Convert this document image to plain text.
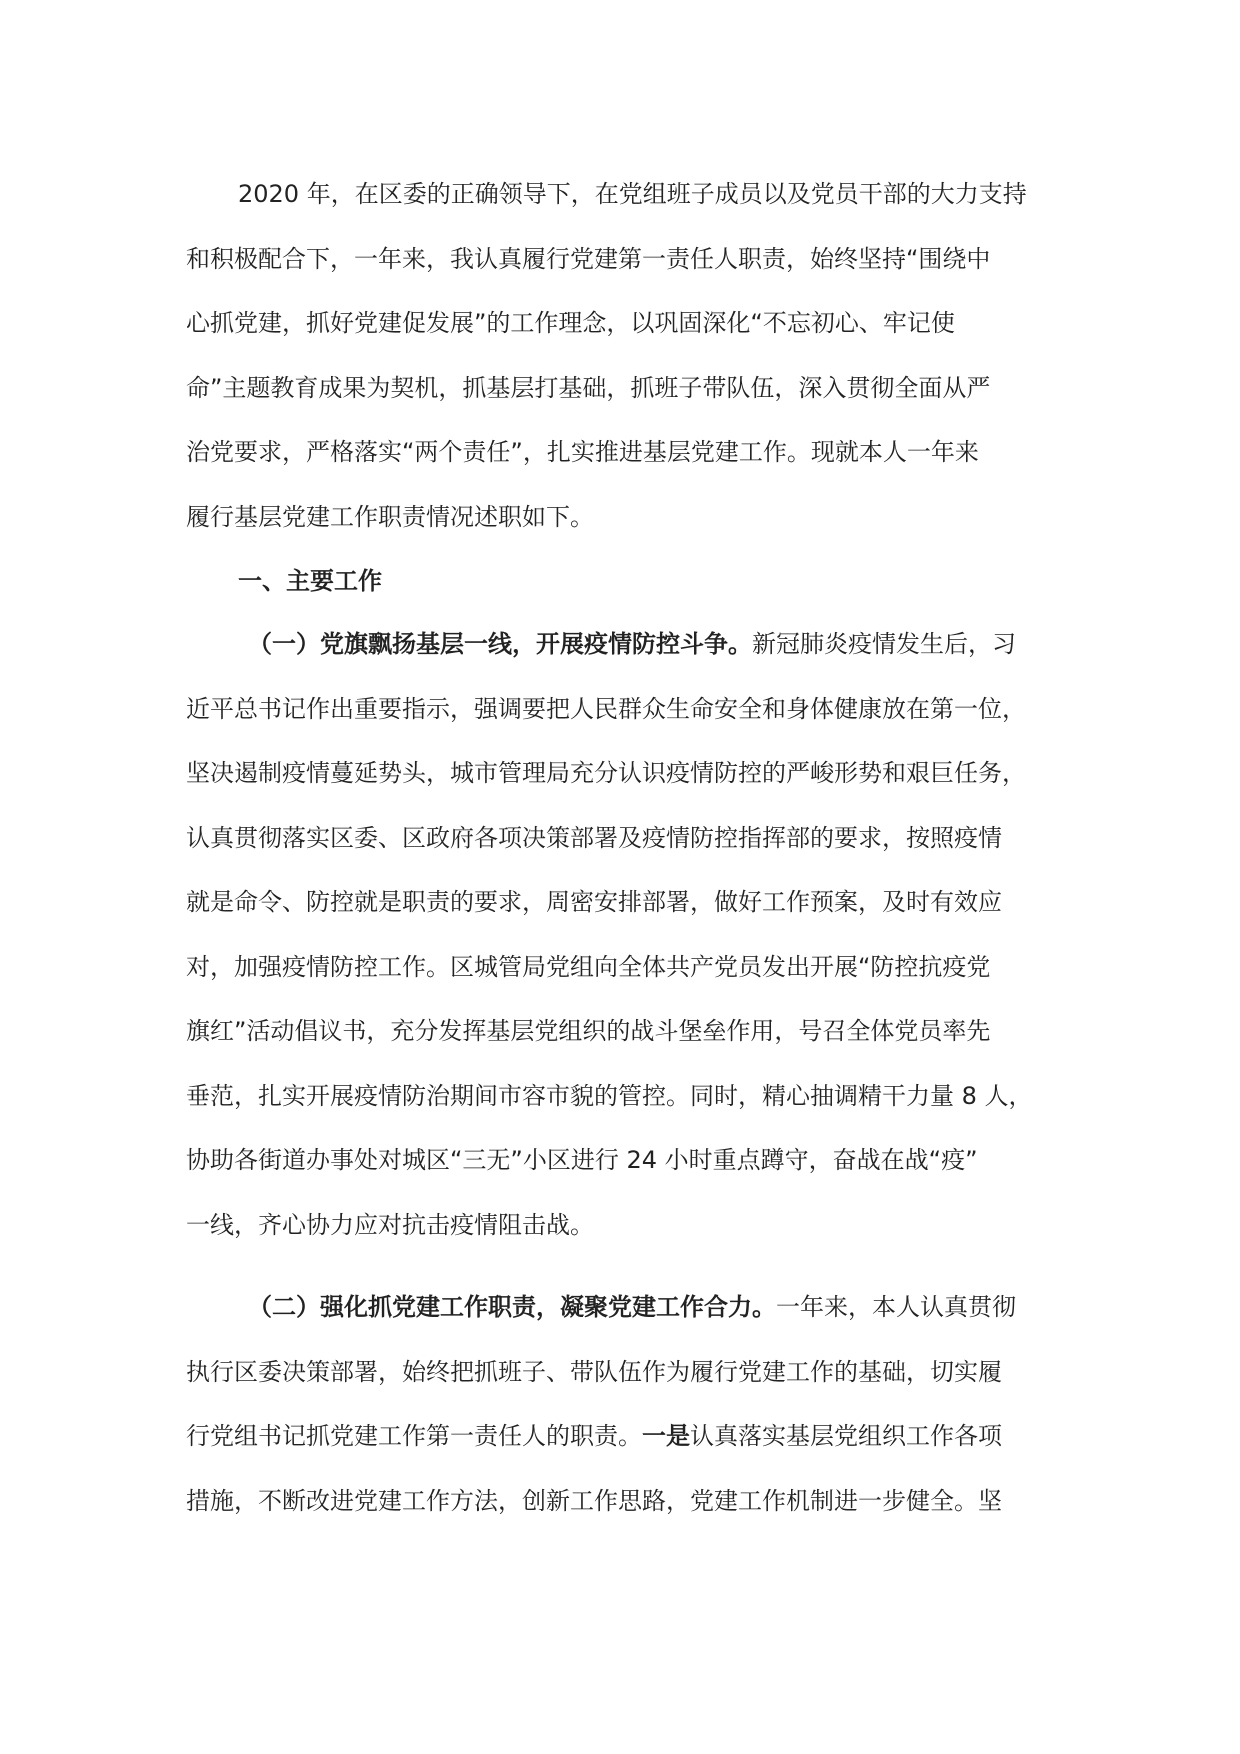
2020 年，在区委的正确领导下，在党组班子成员以及党员干部的大力支持
和积极配合下，一年来，我认真履行党建第一责任人职责，始终坚持“围绕中
心抓党建，抓好党建促发展”的工作理念，以巩固深化“不忘初心、牢记使
命”主题教育成果为契机，抓基层打基础，抓班子带队伍，深入贯彻全面从严
治党要求，严格落实“两个责任”，扎实推进基层党建工作。现就本人一年来
履行基层党建工作职责情况述职如下。
一、主要工作
（一）党旗飘扬基层一线，开展疫情防控斗争。新冠肺炎疫情发生后，习
近平总书记作出重要指示，强调要把人民群众生命安全和身体健康放在第一位，
坚决遏制疫情蔓延势头，城市管理局充分认识疫情防控的严峻形势和艰巨任务，
认真贯彻落实区委、区政府各项决策部署及疫情防控指挥部的要求，按照疫情
就是命令、防控就是职责的要求，周密安排部署，做好工作预案，及时有效应
对，加强疫情防控工作。区城管局党组向全体共产党员发出开展“防控抗疫党
旗红”活动倡议书，充分发挥基层党组织的战斗堡垒作用，号召全体党员率先
垂范，扎实开展疫情防治期间市容市貌的管控。同时，精心抽调精干力量 8 人，
协助各街道办事处对城区“三无”小区进行 24 小时重点蹲守，奋战在战“疫”
一线，齐心协力应对抗击疫情阻击战。
（二）强化抓党建工作职责，凝聚党建工作合力。一年来，本人认真贯彻
执行区委决策部署，始终把抓班子、带队伍作为履行党建工作的基础，切实履
行党组书记抓党建工作第一责任人的职责。一是认真落实基层党组织工作各项
措施，不断改进党建工作方法，创新工作思路，党建工作机制进一步健全。坚
